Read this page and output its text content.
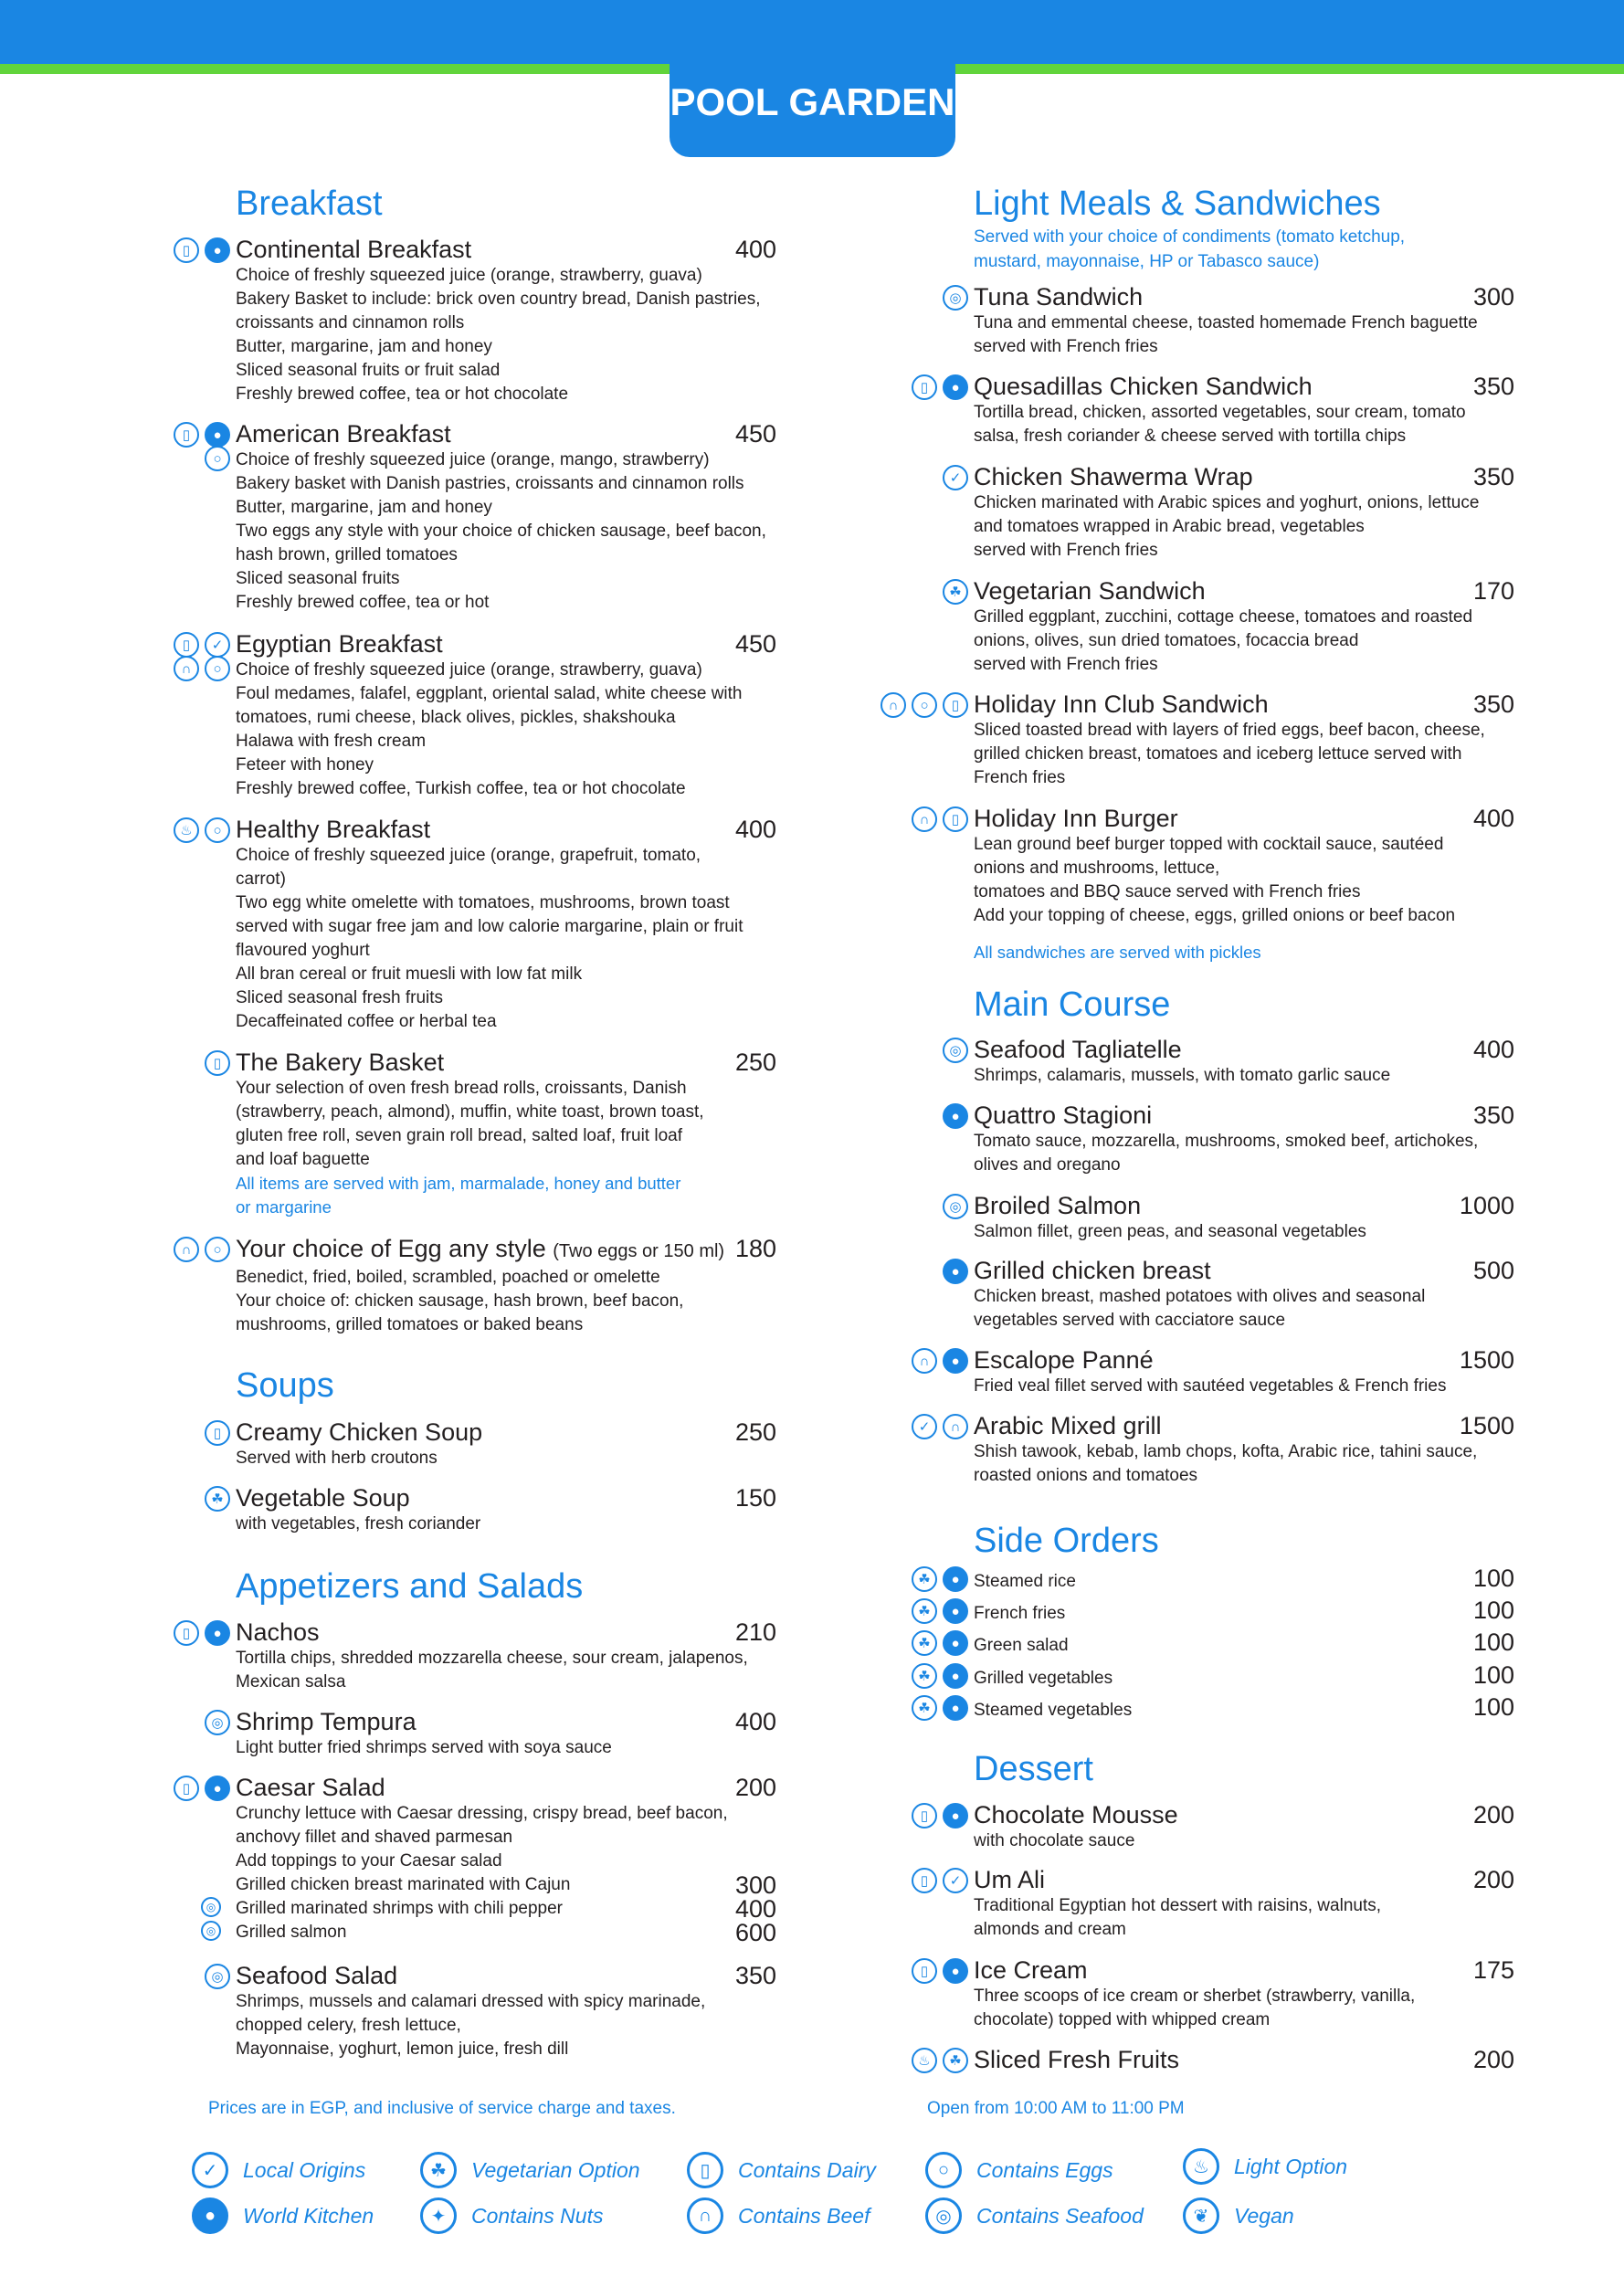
POOL GARDEN
Breakfast
Continental Breakfast	400
Choice of freshly squeezed juice (orange, strawberry, guava)
Bakery Basket to include: brick oven country bread, Danish pastries,
croissants and cinnamon rolls
Butter, margarine, jam and honey
Sliced seasonal fruits or fruit salad
Freshly brewed coffee, tea or hot chocolate
▯	●
American Breakfast	450
Choice of freshly squeezed juice (orange, mango, strawberry)
Bakery basket with Danish pastries, croissants and cinnamon rolls
Butter, margarine, jam and honey
Two eggs any style with your choice of chicken sausage, beef bacon,
hash brown, grilled tomatoes
Sliced seasonal fruits
Freshly brewed coffee, tea or hot
▯	●
○
Egyptian Breakfast	450
Choice of freshly squeezed juice (orange, strawberry, guava)
Foul medames, falafel, eggplant, oriental salad, white cheese with
tomatoes, rumi cheese, black olives, pickles, shakshouka
Halawa with fresh cream
Feteer with honey
Freshly brewed coffee, Turkish coffee, tea or hot chocolate
▯	✓
∩	○
Healthy Breakfast	400
Choice of freshly squeezed juice (orange, grapefruit, tomato,
carrot)
Two egg white omelette with tomatoes, mushrooms, brown toast
served with sugar free jam and low calorie margarine, plain or fruit
flavoured yoghurt
All bran cereal or fruit muesli with low fat milk
Sliced seasonal fresh fruits
Decaffeinated coffee or herbal tea
♨	○
The Bakery Basket	250
Your selection of oven fresh bread rolls, croissants, Danish
(strawberry, peach, almond), muffin, white toast, brown toast,
gluten free roll, seven grain roll bread, salted loaf, fruit loaf
and loaf baguette
All items are served with jam, marmalade, honey and butter
or margarine
▯
Your choice of Egg any style (Two eggs or 150 ml) 180
Benedict, fried, boiled, scrambled, poached or omelette
Your choice of: chicken sausage, hash brown, beef bacon,
mushrooms, grilled tomatoes or baked beans
∩	○
Soups
Creamy Chicken Soup	250
Served with herb croutons
▯
Vegetable Soup	150
with vegetables, fresh coriander
☘
Appetizers and Salads
Nachos	210
Tortilla chips, shredded mozzarella cheese, sour cream, jalapenos,
Mexican salsa
▯	●
Shrimp Tempura	400
Light butter fried shrimps served with soya sauce
◎
Caesar Salad	200
Crunchy lettuce with Caesar dressing, crispy bread, beef bacon,
anchovy fillet and shaved parmesan
Add toppings to your Caesar salad
Grilled chicken breast marinated with Cajun	300
Grilled marinated shrimps with chili pepper	400
◎
Grilled salmon	600
◎
▯	●
Seafood Salad	350
Shrimps, mussels and calamari dressed with spicy marinade,
chopped celery, fresh lettuce,
Mayonnaise, yoghurt, lemon juice, fresh dill
◎
Light Meals & Sandwiches
Served with your choice of condiments (tomato ketchup,
mustard, mayonnaise, HP or Tabasco sauce)
Tuna Sandwich	300
Tuna and emmental cheese, toasted homemade French baguette
served with French fries
◎
Quesadillas Chicken Sandwich	350
Tortilla bread, chicken, assorted vegetables, sour cream, tomato
salsa, fresh coriander & cheese served with tortilla chips
▯	●
Chicken Shawerma Wrap	350
Chicken marinated with Arabic spices and yoghurt, onions, lettuce
and tomatoes wrapped in Arabic bread, vegetables
served with French fries
✓
Vegetarian Sandwich	170
Grilled eggplant, zucchini, cottage cheese, tomatoes and roasted
onions, olives, sun dried tomatoes, focaccia bread
served with French fries
☘
Holiday Inn Club Sandwich	350
Sliced toasted bread with layers of fried eggs, beef bacon, cheese,
grilled chicken breast, tomatoes and iceberg lettuce served with
French fries
∩	○	▯
Holiday Inn Burger	400
Lean ground beef burger topped with cocktail sauce, sautéed
onions and mushrooms, lettuce,
tomatoes and BBQ sauce served with French fries
Add your topping of cheese, eggs, grilled onions or beef bacon
All sandwiches are served with pickles
∩	▯
Main Course
Seafood Tagliatelle	400
Shrimps, calamaris, mussels, with tomato garlic sauce
◎
Quattro Stagioni	350
Tomato sauce, mozzarella, mushrooms, smoked beef, artichokes,
olives and oregano
●
Broiled Salmon	1000
Salmon fillet, green peas, and seasonal vegetables
◎
Grilled chicken breast	500
Chicken breast, mashed potatoes with olives and seasonal
vegetables served with cacciatore sauce
●
Escalope Panné	1500
Fried veal fillet served with sautéed vegetables & French fries
∩	●
Arabic Mixed grill	1500
Shish tawook, kebab, lamb chops, kofta, Arabic rice, tahini sauce,
roasted onions and tomatoes
✓	∩
Side Orders
Steamed rice	100
☘	●
French fries	100
☘	●
Green salad	100
☘	●
Grilled vegetables	100
☘	●
Steamed vegetables	100
☘	●
Dessert
Chocolate Mousse	200
with chocolate sauce
▯	●
Um Ali	200
Traditional Egyptian hot dessert with raisins, walnuts,
almonds and cream
▯	✓
Ice Cream	175
Three scoops of ice cream or sherbet (strawberry, vanilla,
chocolate) topped with whipped cream
▯	●
Sliced Fresh Fruits	200
♨	☘
Prices are in EGP, and inclusive of service charge and taxes.	Open from 10:00 AM to 11:00 PM
✓	Local Origins	☘	Vegetarian Option	▯	Contains Dairy	○	Contains Eggs	♨	Light Option
●	World Kitchen	✦	Contains Nuts	∩	Contains Beef	◎	Contains Seafood	❦	Vegan
